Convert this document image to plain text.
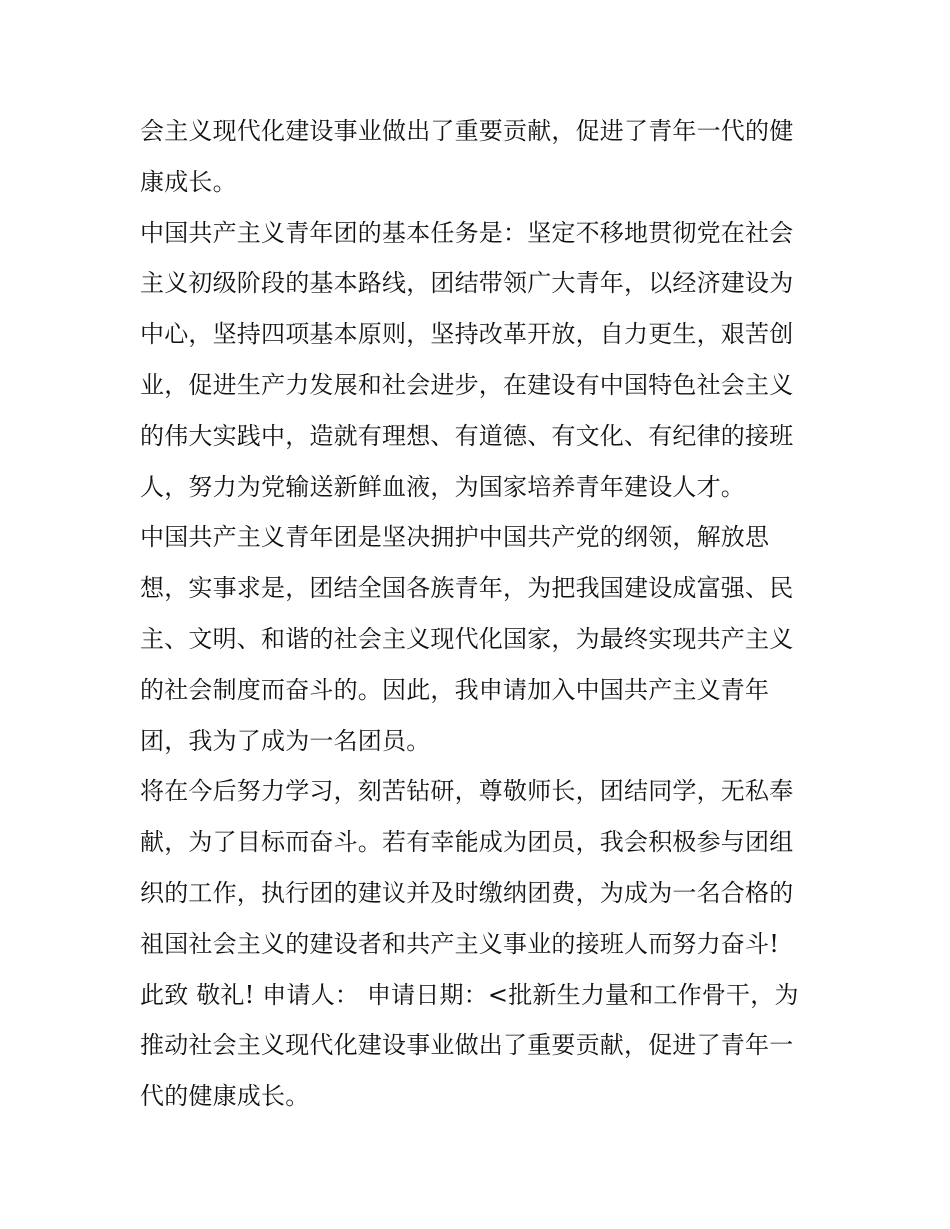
会主义现代化建设事业做出了重要贡献，促进了青年一代的健
康成长。
中国共产主义青年团的基本任务是：坚定不移地贯彻党在社会
主义初级阶段的基本路线，团结带领广大青年，以经济建设为
中心，坚持四项基本原则，坚持改革开放，自力更生，艰苦创
业，促进生产力发展和社会进步，在建设有中国特色社会主义
的伟大实践中，造就有理想、有道德、有文化、有纪律的接班
人，努力为党输送新鲜血液，为国家培养青年建设人才。
中国共产主义青年团是坚决拥护中国共产党的纲领，解放思
想，实事求是，团结全国各族青年，为把我国建设成富强、民
主、文明、和谐的社会主义现代化国家，为最终实现共产主义
的社会制度而奋斗的。因此，我申请加入中国共产主义青年
团，我为了成为一名团员。
将在今后努力学习，刻苦钻研，尊敬师长，团结同学，无私奉
献，为了目标而奋斗。若有幸能成为团员，我会积极参与团组
织的工作，执行团的建议并及时缴纳团费，为成为一名合格的
祖国社会主义的建设者和共产主义事业的接班人而努力奋斗!
此致 敬礼! 申请人： 申请日期：<批新生力量和工作骨干，为
推动社会主义现代化建设事业做出了重要贡献，促进了青年一
代的健康成长。
